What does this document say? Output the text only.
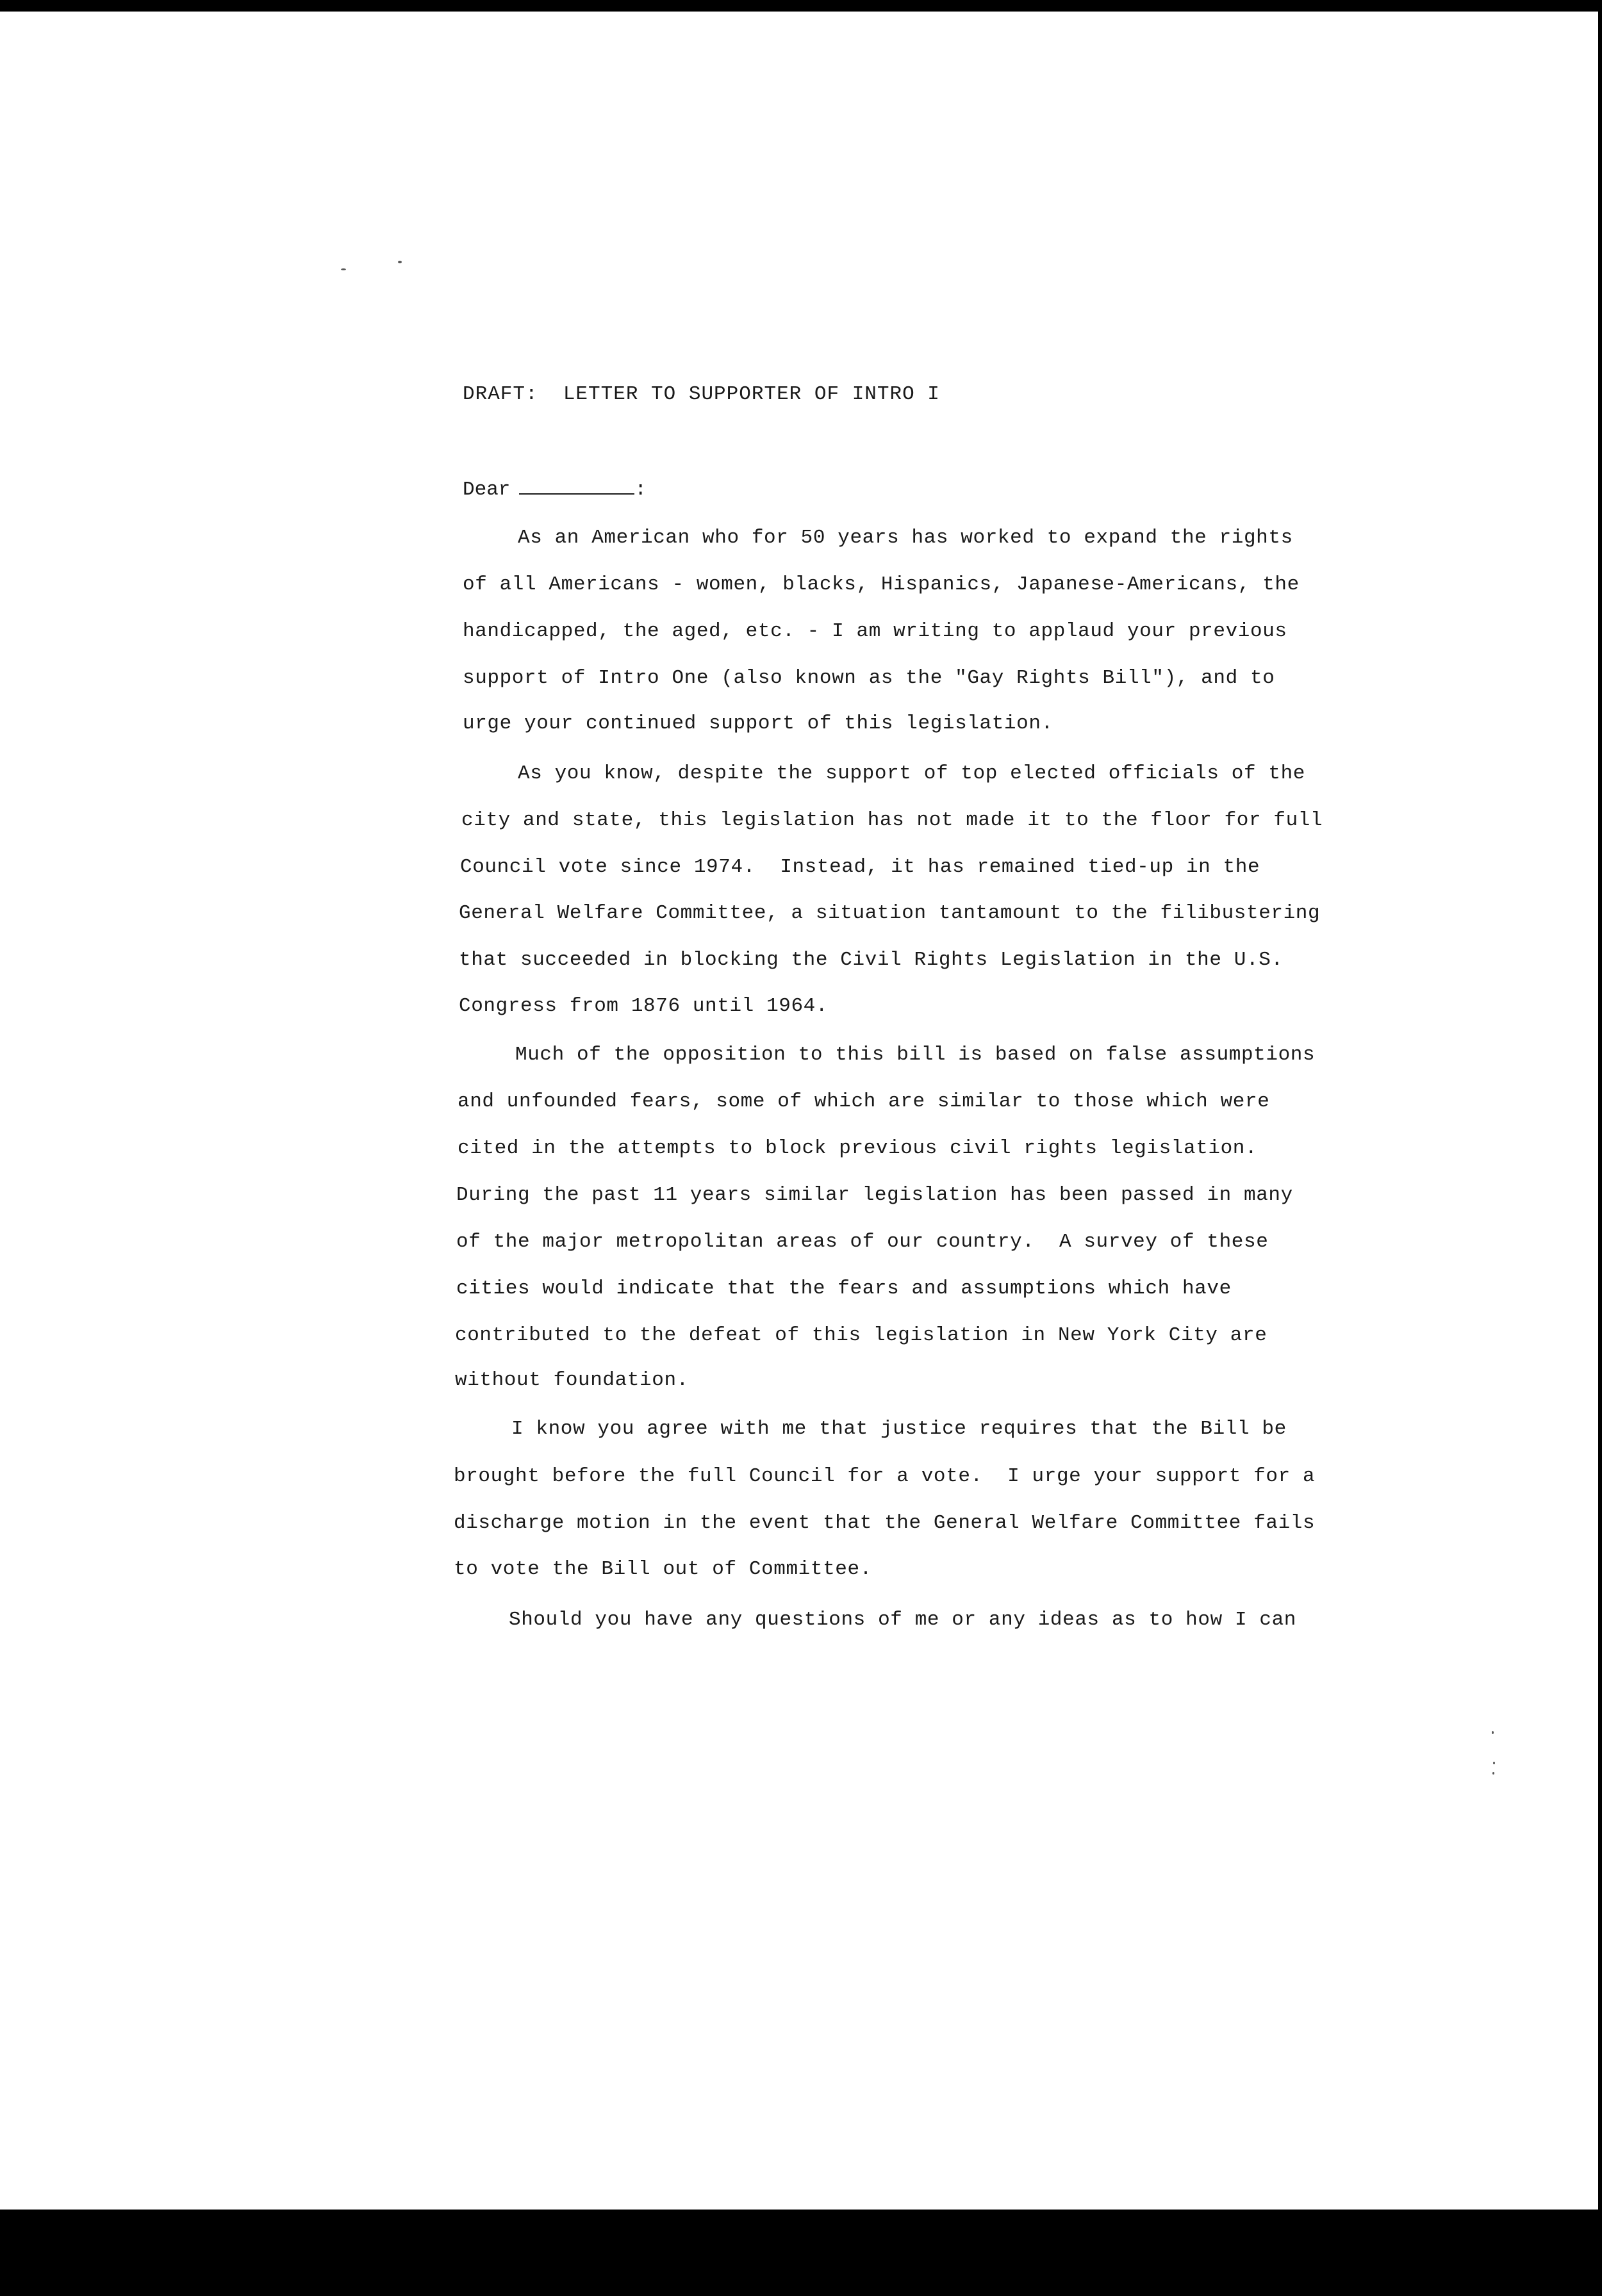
DRAFT:  LETTER TO SUPPORTER OF INTRO I
Dear	:
As an American who for 50 years has worked to expand the rights
of all Americans - women, blacks, Hispanics, Japanese-Americans, the
handicapped, the aged, etc. - I am writing to applaud your previous
support of Intro One (also known as the "Gay Rights Bill"), and to
urge your continued support of this legislation.
As you know, despite the support of top elected officials of the
city and state, this legislation has not made it to the floor for full
Council vote since 1974.  Instead, it has remained tied-up in the
General Welfare Committee, a situation tantamount to the filibustering
that succeeded in blocking the Civil Rights Legislation in the U.S.
Congress from 1876 until 1964.
Much of the opposition to this bill is based on false assumptions
and unfounded fears, some of which are similar to those which were
cited in the attempts to block previous civil rights legislation.
During the past 11 years similar legislation has been passed in many
of the major metropolitan areas of our country.  A survey of these
cities would indicate that the fears and assumptions which have
contributed to the defeat of this legislation in New York City are
without foundation.
I know you agree with me that justice requires that the Bill be
brought before the full Council for a vote.  I urge your support for a
discharge motion in the event that the General Welfare Committee fails
to vote the Bill out of Committee.
Should you have any questions of me or any ideas as to how I can
